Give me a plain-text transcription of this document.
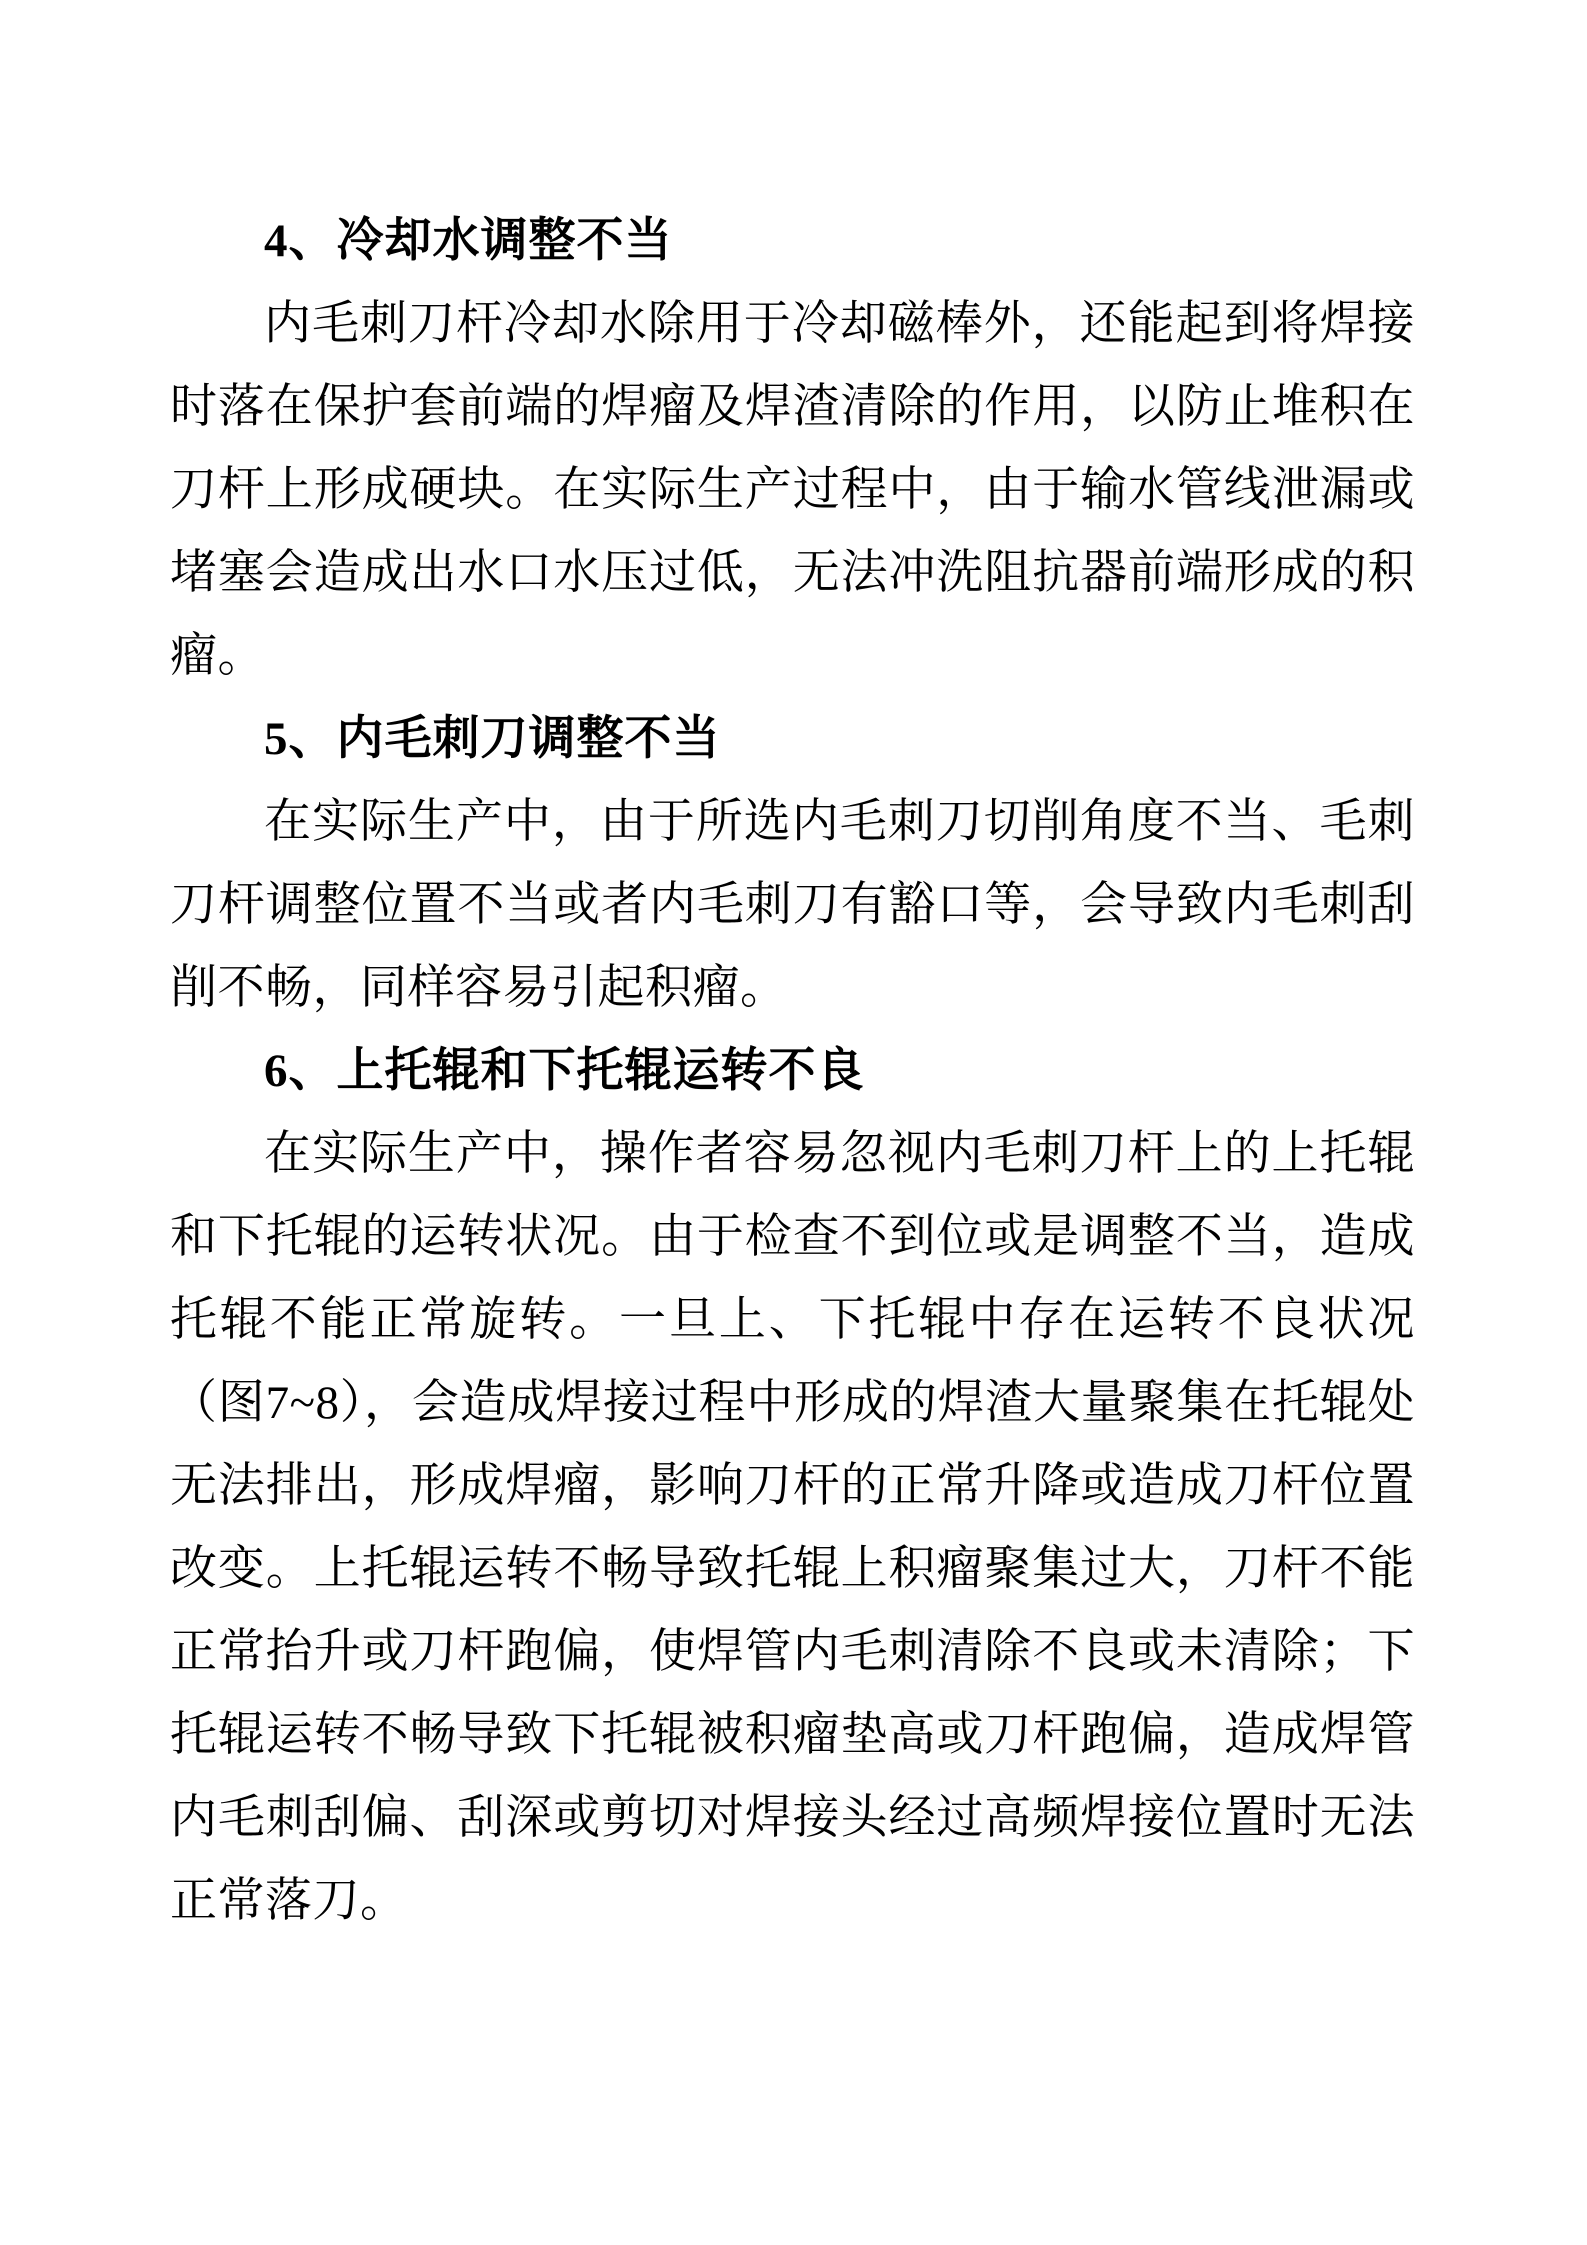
4、冷却水调整不当

内毛刺刀杆冷却水除用于冷却磁棒外，还能起到将焊接时落在保护套前端的焊瘤及焊渣清除的作用，以防止堆积在刀杆上形成硬块。在实际生产过程中，由于输水管线泄漏或堵塞会造成出水口水压过低，无法冲洗阻抗器前端形成的积瘤。

5、内毛刺刀调整不当

在实际生产中，由于所选内毛刺刀切削角度不当、毛刺刀杆调整位置不当或者内毛刺刀有豁口等，会导致内毛刺刮削不畅，同样容易引起积瘤。

6、上托辊和下托辊运转不良

在实际生产中，操作者容易忽视内毛刺刀杆上的上托辊和下托辊的运转状况。由于检查不到位或是调整不当，造成托辊不能正常旋转。一旦上、下托辊中存在运转不良状况（图7~8），会造成焊接过程中形成的焊渣大量聚集在托辊处无法排出，形成焊瘤，影响刀杆的正常升降或造成刀杆位置改变。上托辊运转不畅导致托辊上积瘤聚集过大，刀杆不能正常抬升或刀杆跑偏，使焊管内毛刺清除不良或未清除；下托辊运转不畅导致下托辊被积瘤垫高或刀杆跑偏，造成焊管内毛刺刮偏、刮深或剪切对焊接头经过高频焊接位置时无法正常落刀。
